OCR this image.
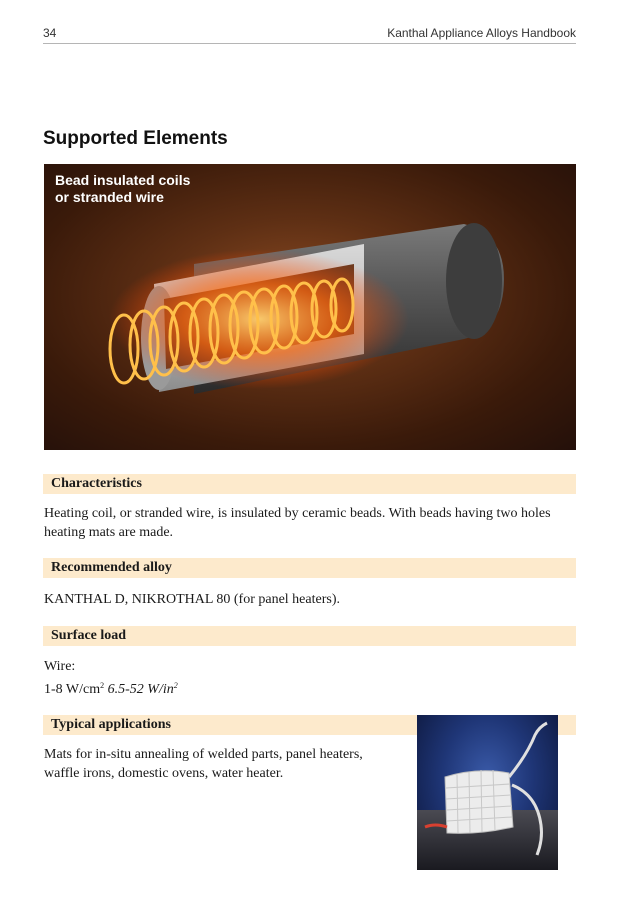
34	Kanthal Appliance Alloys Handbook
Supported Elements
Bead insulated coils
or stranded wire
Characteristics
Heating coil, or stranded wire, is insulated by ceramic beads. With beads having two holes
heating mats are made.
Recommended alloy
KANTHAL D, NIKROTHAL 80 (for panel heaters).
Surface load
Wire:
1-8 $W/cm^2$ 6.5-52 $W/in^2$
Typical applications
Mats for in-situ annealing of welded parts, panel heaters,
waffle irons, domestic ovens, water heater.
